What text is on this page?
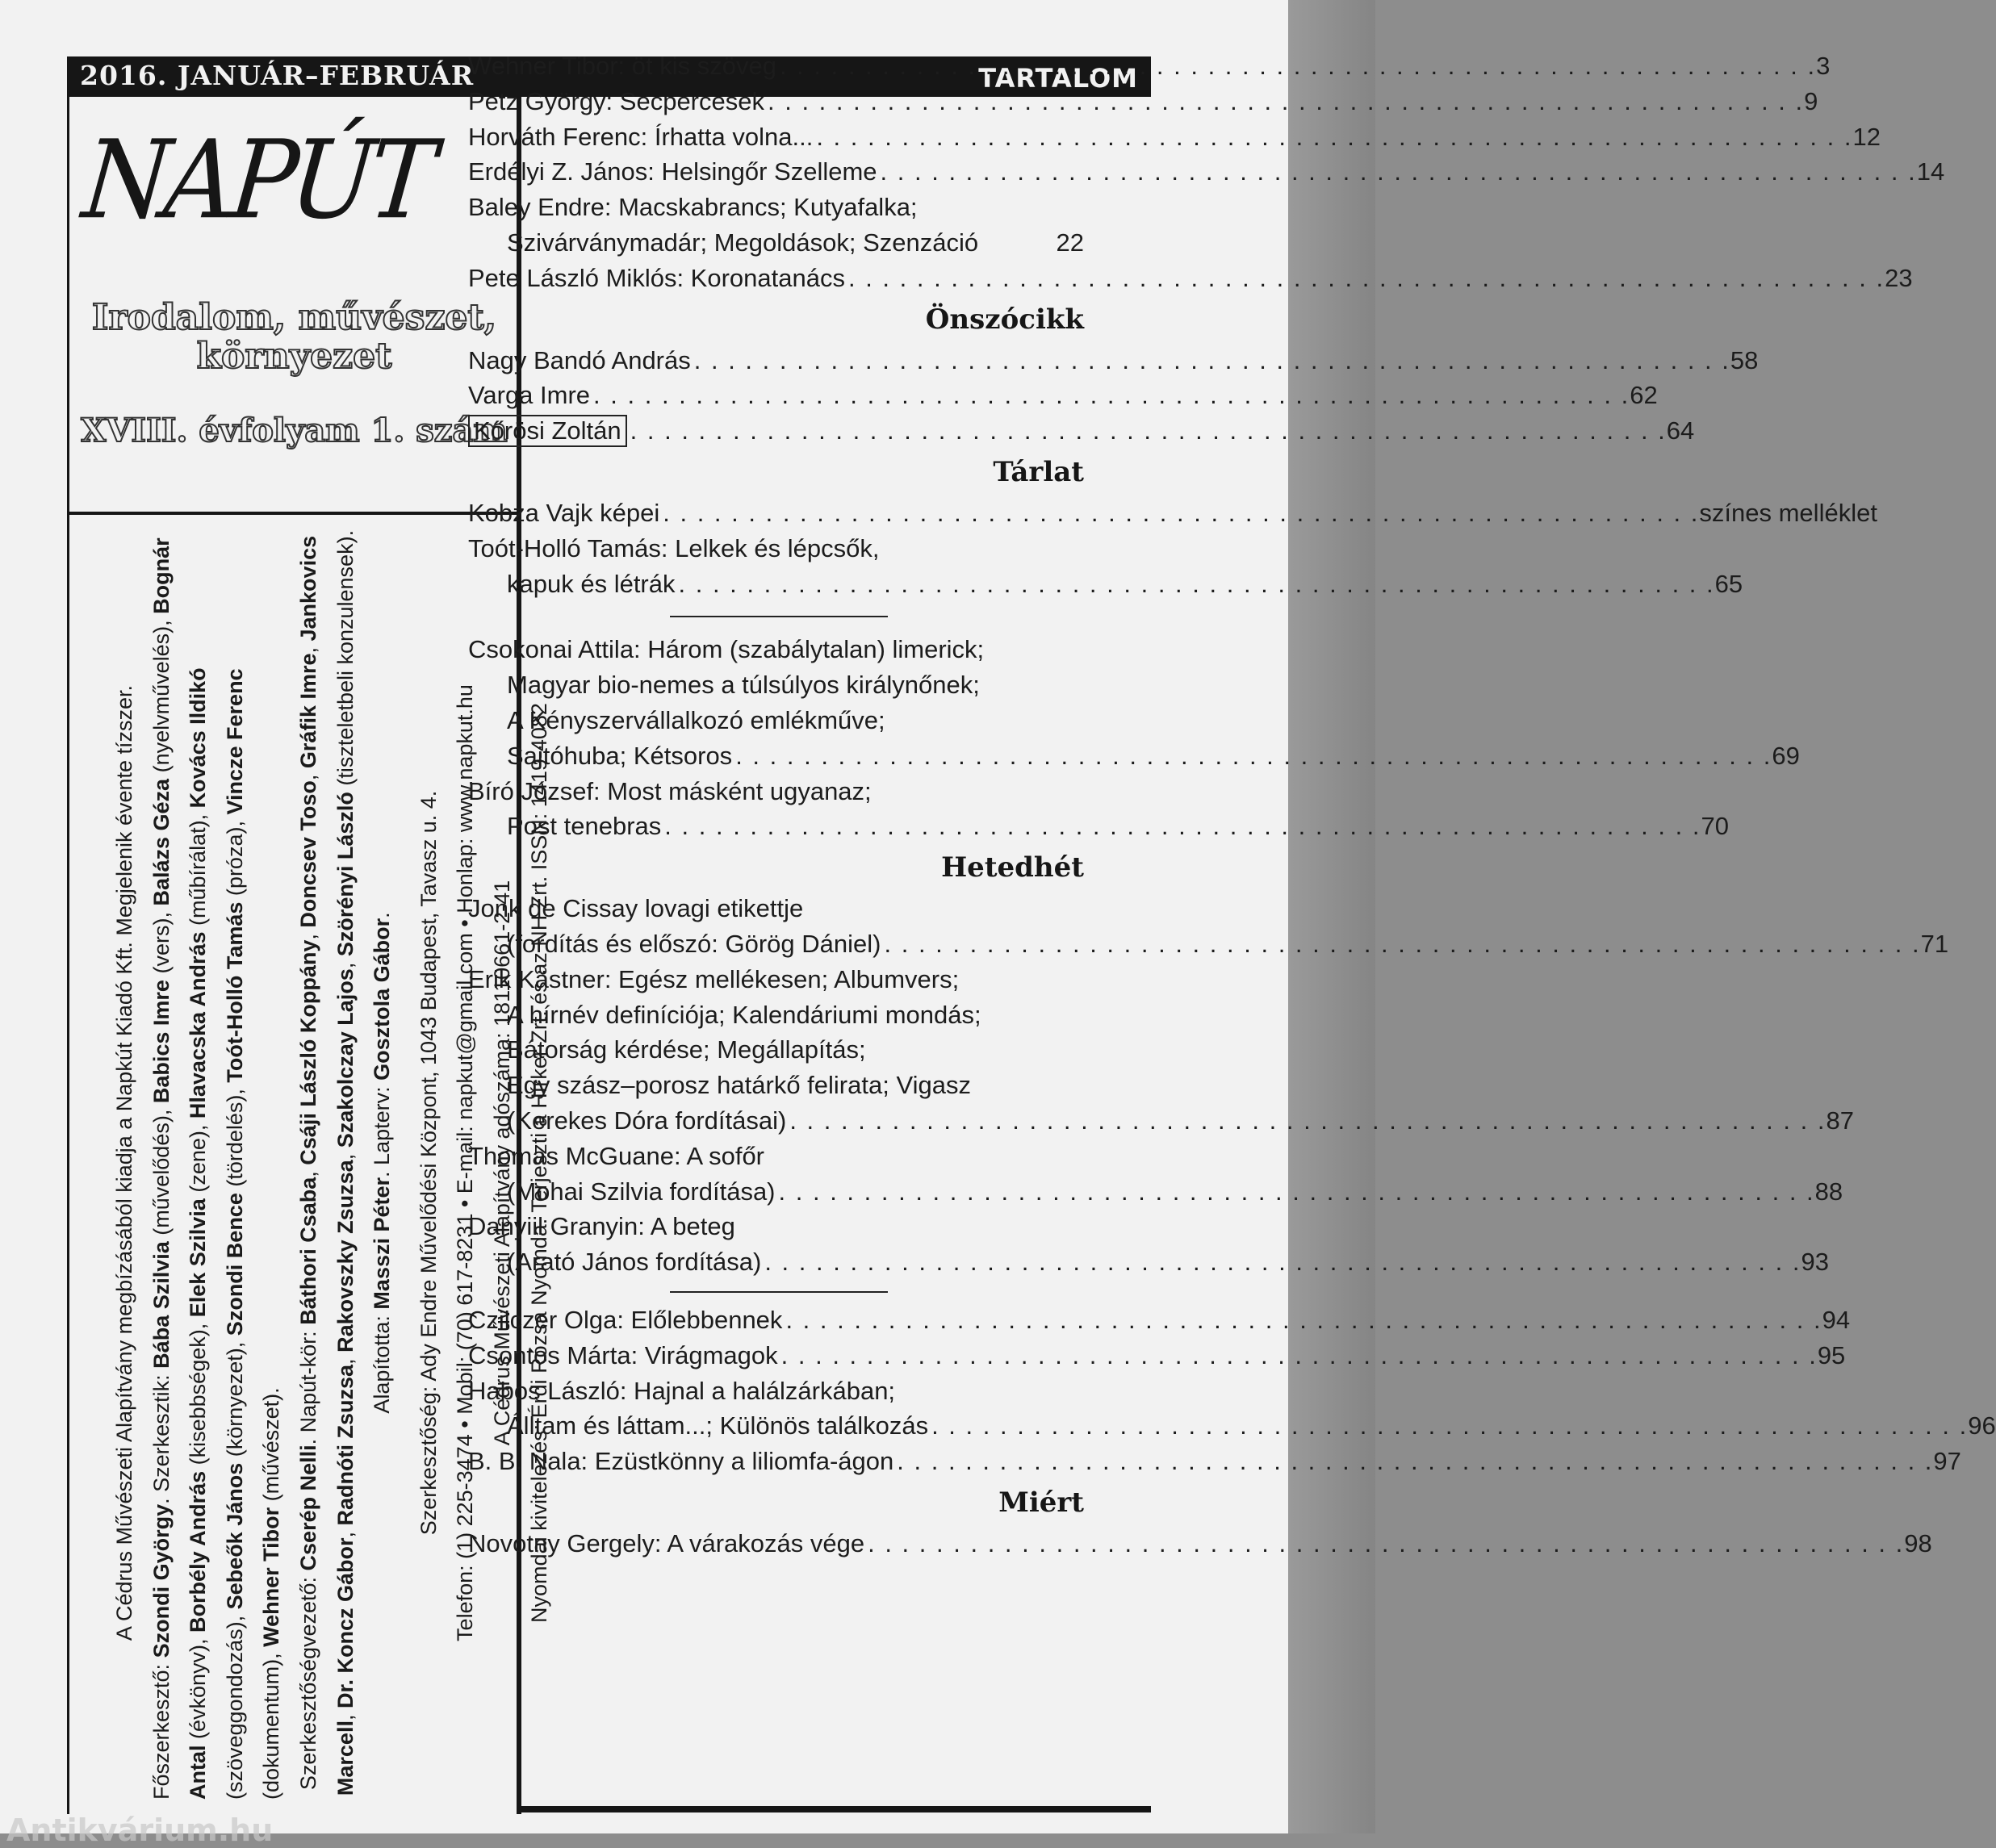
2016. JANUÁR–FEBRUÁR	TARTALOM
NAPÚT
Irodalom, művészet,
környezet
XVIII. évfolyam 1. szám

A Cédrus Művészeti Alapítvány megbízásából kiadja a Napkút Kiadó Kft. Megjelenik évente tízszer.

Főszerkesztő: Szondi György. Szerkesztik: Bába Szilvia (művelődés), Babics Imre (vers), Balázs Géza (nyelvművelés), Bognár Antal (évkönyv), Borbély András (kisebbségek), Elek Szilvia (zene), Hlavacska András (műbírálat), Kovács Ildikó (szöveggondozás), Sebeők János (környezet), Szondi Bence (tördelés), Toót-Holló Tamás (próza), Vincze Ferenc (dokumentum), Wehner Tibor (művészet).

Szerkesztőségvezető: Cserép Nelli. Napút-kör: Báthori Csaba, Csáji László Koppány, Doncsev Toso, Gráfik Imre, Jankovics Marcell, Dr. Koncz Gábor, Radnóti Zsuzsa, Rakovszky Zsuzsa, Szakolczay Lajos, Szörényi László (tiszteletbeli konzulensek).

Alapította: Masszi Péter. Lapterv: Gosztola Gábor.	Szerkesztőség: Ady Endre Művelődési Központ, 1043 Budapest, Tavasz u. 4. Telefon: (1) 225-3474 • Mobil: (70) 617-8231 • E-mail: napkut@gmail.com • Honlap: www.napkut.hu A Cédrus Művészeti Alapítvány adószáma: 18110661-2-41 Nyomdai kivitelezés: Érdi Rózsa Nyomda. Terjeszti a Hírker Zrt. és az NH Zrt. ISSN: 1419-4082

Wehner Tibor: öt kis szöveg . . .	3
Petz György: Secpercesek . . .	9
Horváth Ferenc: Írhatta volna... . . .	12
Erdélyi Z. János: Helsingőr Szelleme . . .	14
Baley Endre: Macskabrancs; Kutyafalka;
Szivárványmadár; Megoldások; Szenzáció	22
Pete László Miklós: Koronatanács . . .	23
Önszócikk
Nagy Bandó András . . .	58
Varga Imre . . .	62
Kőrösi Zoltán . . .	64
Tárlat
Kobza Vajk képei . . .	színes melléklet
Toót-Holló Tamás: Lelkek és lépcsők,
kapuk és létrák . . .	65
Csokonai Attila: Három (szabálytalan) limerick;
Magyar bio-nemes a túlsúlyos királynőnek;
A Kényszervállalkozó emlékműve;
Sajtóhuba; Kétsoros . . .	69
Bíró József: Most másként ugyanaz;
Post tenebras . . .	70
Hetedhét
Jonk de Cissay lovagi etikettje
(fordítás és előszó: Görög Dániel) . . .	71
Erik Kästner: Egész mellékesen; Albumvers;
A hírnév definíciója; Kalendáriumi mondás;
Bátorság kérdése; Megállapítás;
Egy szász–porosz határkő felirata; Vigasz
(Kerekes Dóra fordításai) . . .	87
Thomas McGuane: A sofőr
(Mohai Szilvia fordítása) . . .	88
Danyiil Granyin: A beteg
(Arató János fordítása) . . .	93
Czilczer Olga: Előlebbennek . . .	94
Csontos Márta: Virágmagok . . .	95
Habos László: Hajnal a halálzárkában;
Álltam és láttam...; Különös találkozás . . .	96
B. B. Nala: Ezüstkönny a liliomfa-ágon . . .	97
Miért
Novotny Gergely: A várakozás vége . . .	98
Antikvárium.hu
